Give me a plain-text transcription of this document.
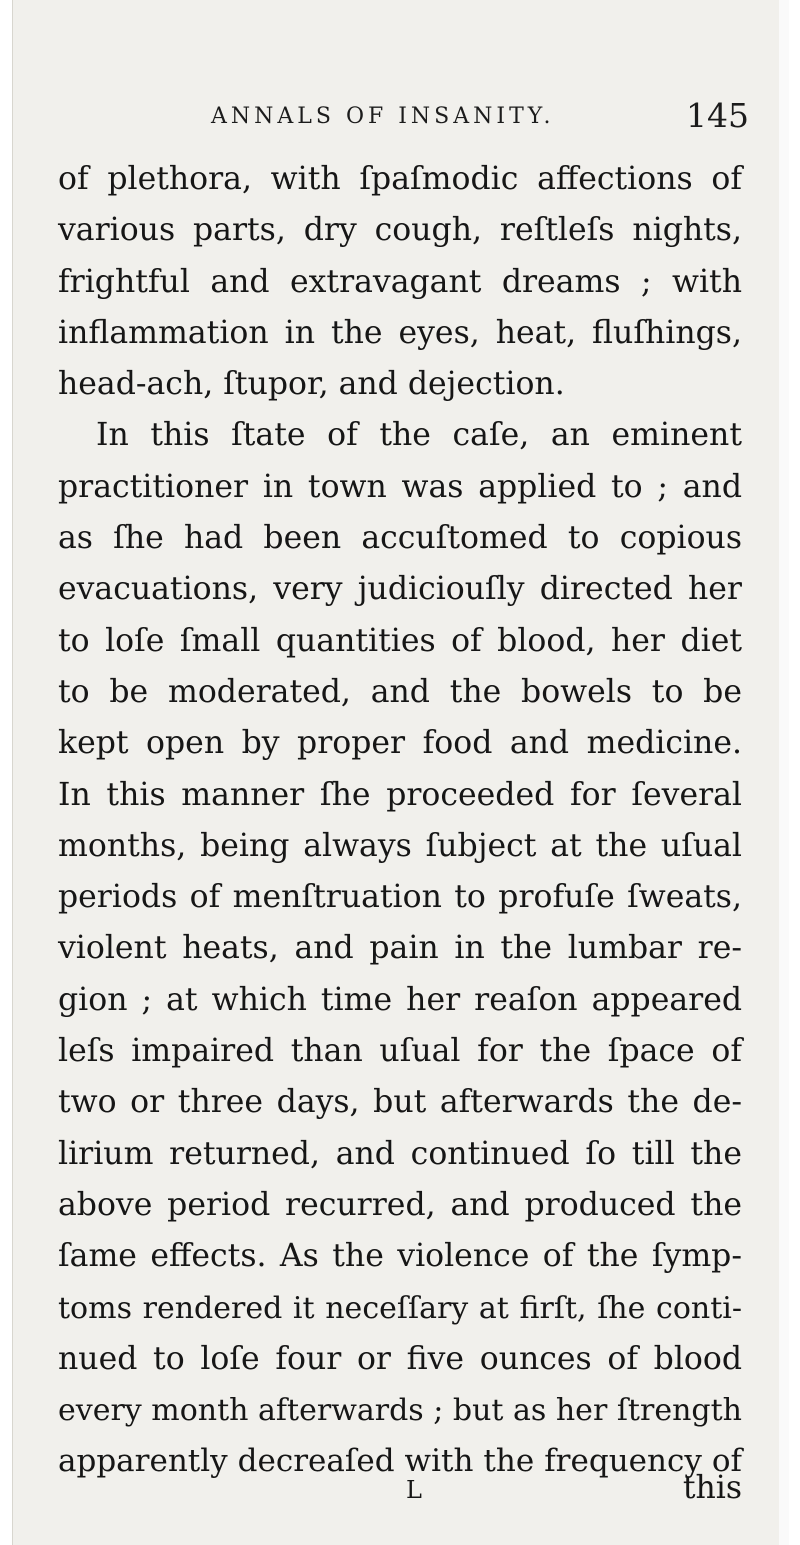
ANNALS OF INSANITY.	145
of plethora, with ſpaſmodic affections of
various parts, dry cough, reſtleſs nights,
frightful and extravagant dreams ; with
inflammation in the eyes, heat, fluſhings,
head-ach, ſtupor, and dejection.
In this ſtate of the caſe, an eminent
practitioner in town was applied to ; and
as ſhe had been accuſtomed to copious
evacuations, very judiciouſly directed her
to loſe ſmall quantities of blood, her diet
to be moderated, and the bowels to be
kept open by proper food and medicine.
In this manner ſhe proceeded for ſeveral
months, being always ſubject at the uſual
periods of menſtruation to profuſe ſweats,
violent heats, and pain in the lumbar re-
gion ; at which time her reaſon appeared
leſs impaired than uſual for the ſpace of
two or three days, but afterwards the de-
lirium returned, and continued ſo till the
above period recurred, and produced the
ſame effects. As the violence of the ſymp-
toms rendered it neceſſary at firſt, ſhe conti-
nued to loſe four or five ounces of blood
every month afterwards ; but as her ſtrength
apparently decreaſed with the frequency of
L	this
